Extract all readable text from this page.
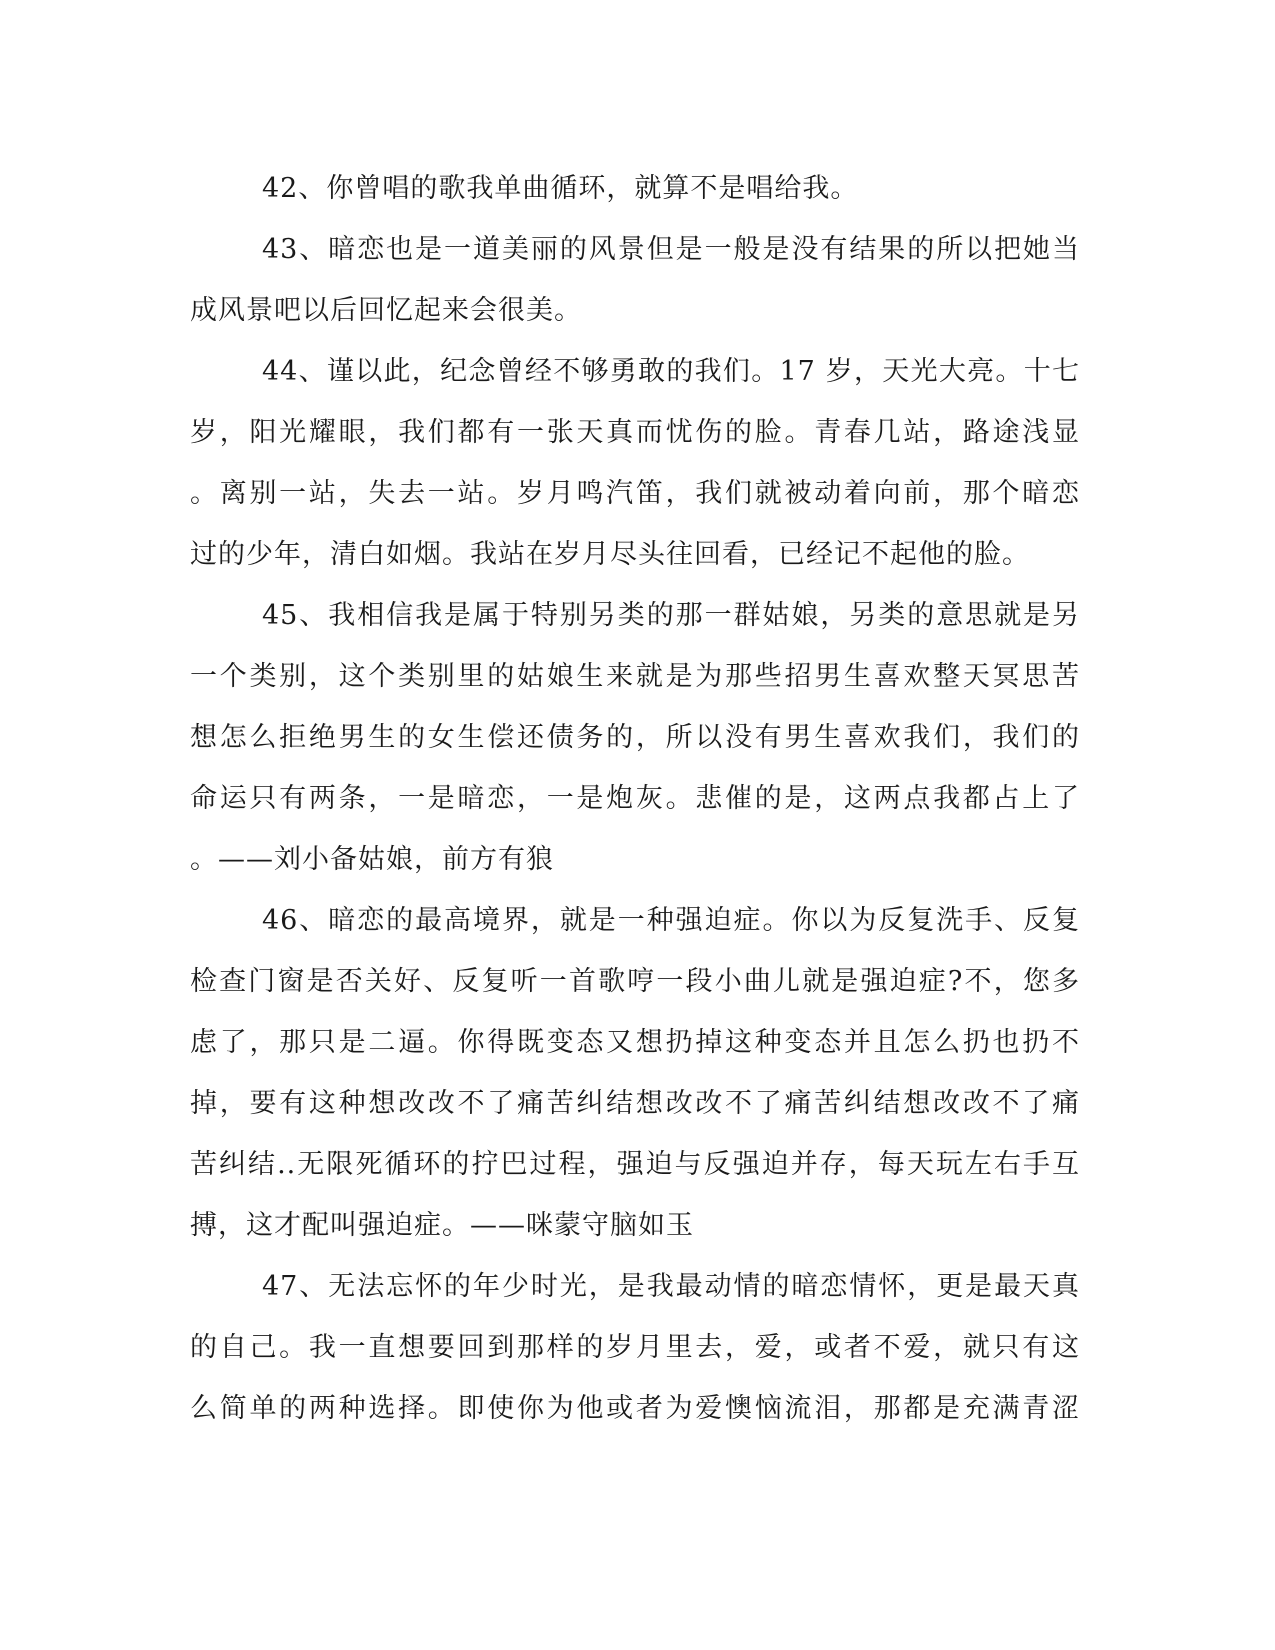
42、你曾唱的歌我单曲循环，就算不是唱给我。
43、暗恋也是一道美丽的风景但是一般是没有结果的所以把她当
成风景吧以后回忆起来会很美。
44、谨以此，纪念曾经不够勇敢的我们。17 岁，天光大亮。十七
岁，阳光耀眼，我们都有一张天真而忧伤的脸。青春几站，路途浅显
。离别一站，失去一站。岁月鸣汽笛，我们就被动着向前，那个暗恋
过的少年，清白如烟。我站在岁月尽头往回看，已经记不起他的脸。
45、我相信我是属于特别另类的那一群姑娘，另类的意思就是另
一个类别，这个类别里的姑娘生来就是为那些招男生喜欢整天冥思苦
想怎么拒绝男生的女生偿还债务的，所以没有男生喜欢我们，我们的
命运只有两条，一是暗恋，一是炮灰。悲催的是，这两点我都占上了
。——刘小备姑娘，前方有狼
46、暗恋的最高境界，就是一种强迫症。你以为反复洗手、反复
检查门窗是否关好、反复听一首歌哼一段小曲儿就是强迫症?不，您多
虑了，那只是二逼。你得既变态又想扔掉这种变态并且怎么扔也扔不
掉，要有这种想改改不了痛苦纠结想改改不了痛苦纠结想改改不了痛
苦纠结..无限死循环的拧巴过程，强迫与反强迫并存，每天玩左右手互
搏，这才配叫强迫症。——咪蒙守脑如玉
47、无法忘怀的年少时光，是我最动情的暗恋情怀，更是最天真
的自己。我一直想要回到那样的岁月里去，爱，或者不爱，就只有这
么简单的两种选择。即使你为他或者为爱懊恼流泪，那都是充满青涩
